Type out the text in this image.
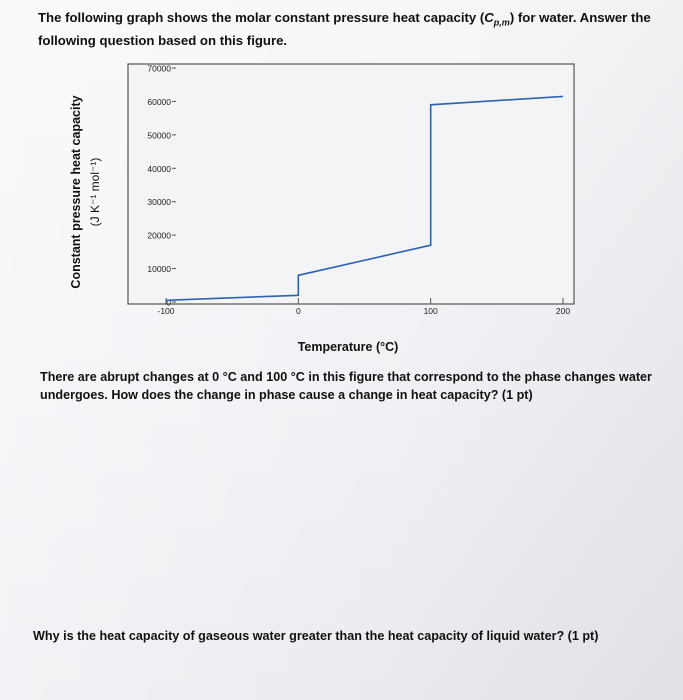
The following graph shows the molar constant pressure heat capacity $(C_{p,m})$ for water. Answer the following question based on this figure.
0
10000
20000
30000
40000
50000
60000
70000
-100	0	100	200
Temperature (°C)
Constant pressure heat capacity (J K⁻¹ mol⁻¹)
There are abrupt changes at 0 °C and 100 °C in this figure that correspond to the phase changes water undergoes. How does the change in phase cause a change in heat capacity? (1 pt)
Why is the heat capacity of gaseous water greater than the heat capacity of liquid water? (1 pt)
